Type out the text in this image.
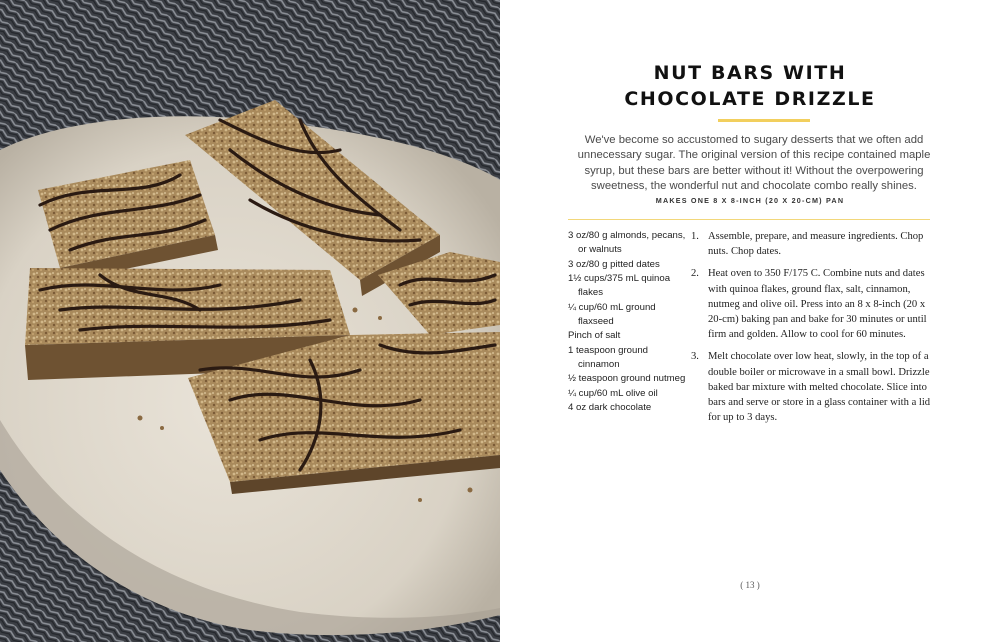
NUT BARS WITH
CHOCOLATE DRIZZLE
We've become so accustomed to sugary desserts that we often add unnecessary sugar. The original version of this recipe contained maple syrup, but these bars are better without it! Without the overpowering sweetness, the wonderful nut and chocolate combo really shines.
MAKES ONE 8 X 8-INCH (20 X 20-CM) PAN
3 oz/80 g almonds, pecans, or walnuts
3 oz/80 g pitted dates
1½ cups/375 mL quinoa flakes
¼ cup/60 mL ground flaxseed
Pinch of salt
1 teaspoon ground cinnamon
½ teaspoon ground nutmeg
¼ cup/60 mL olive oil
4 oz dark chocolate
1. Assemble, prepare, and measure ingredients. Chop nuts. Chop dates.
2. Heat oven to 350 F/175 C. Combine nuts and dates with quinoa flakes, ground flax, salt, cinnamon, nutmeg and olive oil. Press into an 8 x 8-inch (20 x 20-cm) baking pan and bake for 30 minutes or until firm and golden. Allow to cool for 60 minutes.
3. Melt chocolate over low heat, slowly, in the top of a double boiler or microwave in a small bowl. Drizzle baked bar mixture with melted chocolate. Slice into bars and serve or store in a glass container with a lid for up to 3 days.
( 13 )
